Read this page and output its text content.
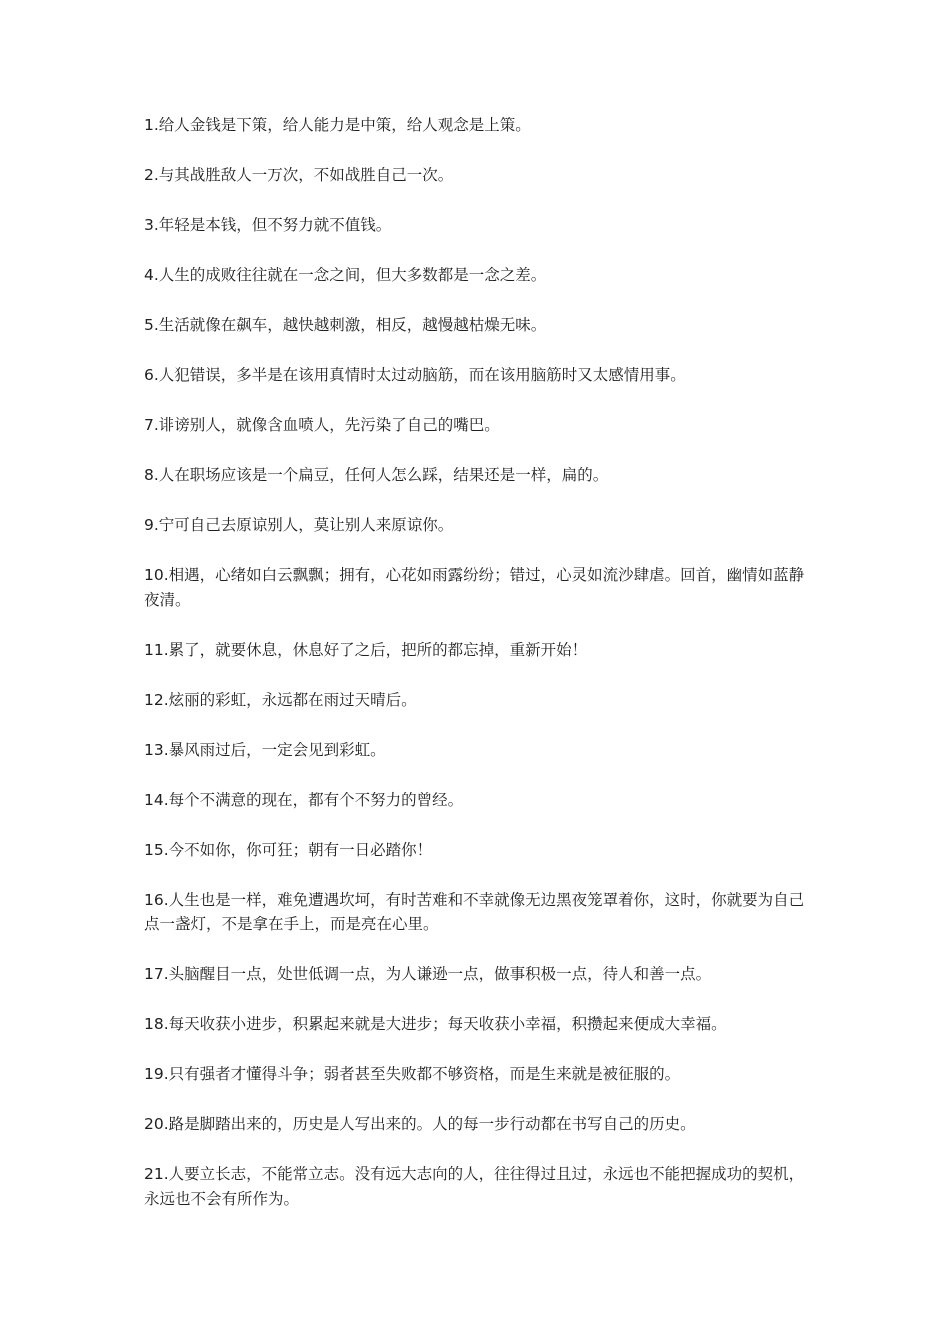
1.给人金钱是下策，给人能力是中策，给人观念是上策。

2.与其战胜敌人一万次，不如战胜自己一次。

3.年轻是本钱，但不努力就不值钱。

4.人生的成败往往就在一念之间，但大多数都是一念之差。

5.生活就像在飙车，越快越刺激，相反，越慢越枯燥无味。

6.人犯错误，多半是在该用真情时太过动脑筋，而在该用脑筋时又太感情用事。

7.诽谤别人，就像含血喷人，先污染了自己的嘴巴。

8.人在职场应该是一个扁豆，任何人怎么踩，结果还是一样，扁的。

9.宁可自己去原谅别人，莫让别人来原谅你。

10.相遇，心绪如白云飘飘；拥有，心花如雨露纷纷；错过，心灵如流沙肆虐。回首，幽情如蓝静夜清。

11.累了，就要休息，休息好了之后，把所的都忘掉，重新开始！

12.炫丽的彩虹，永远都在雨过天晴后。

13.暴风雨过后，一定会见到彩虹。

14.每个不满意的现在，都有个不努力的曾经。

15.今不如你，你可狂；朝有一日必踏你！

16.人生也是一样，难免遭遇坎坷，有时苦难和不幸就像无边黑夜笼罩着你，这时，你就要为自己点一盏灯，不是拿在手上，而是亮在心里。

17.头脑醒目一点，处世低调一点，为人谦逊一点，做事积极一点，待人和善一点。

18.每天收获小进步，积累起来就是大进步；每天收获小幸福，积攒起来便成大幸福。

19.只有强者才懂得斗争；弱者甚至失败都不够资格，而是生来就是被征服的。

20.路是脚踏出来的，历史是人写出来的。人的每一步行动都在书写自己的历史。

21.人要立长志，不能常立志。没有远大志向的人，往往得过且过，永远也不能把握成功的契机，永远也不会有所作为。
